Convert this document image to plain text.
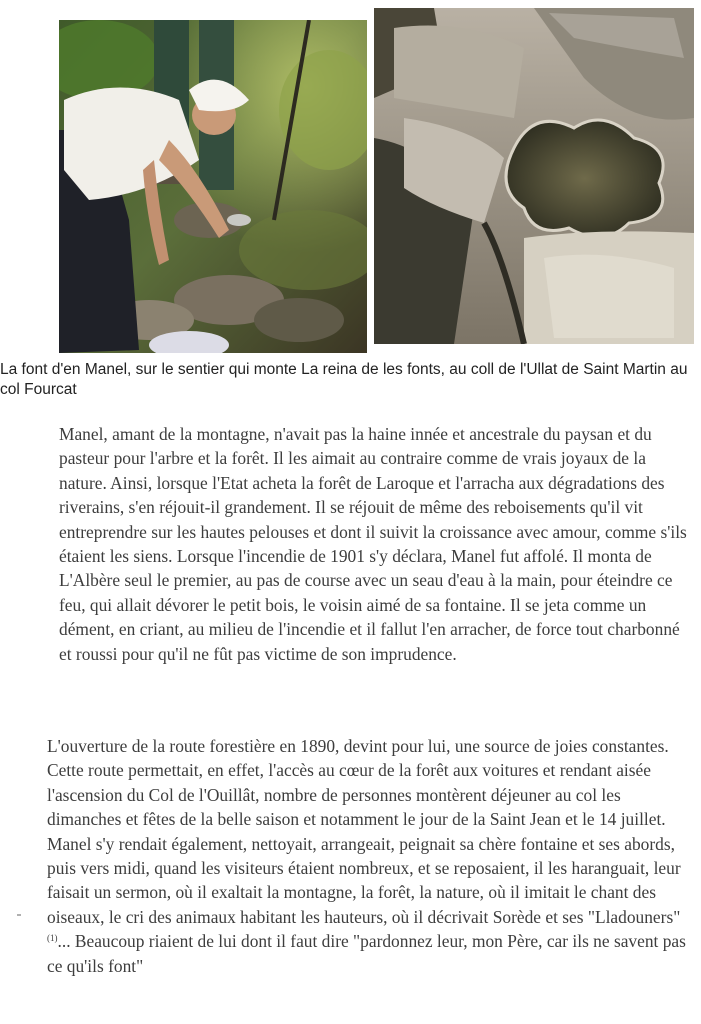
La font d'en Manel, sur le sentier qui monte La reina de les fonts, au coll de l'Ullat de Saint Martin au col Fourcat

Manel, amant de la montagne, n'avait pas la haine innée et ancestrale du paysan et du pasteur pour l'arbre et la forêt. Il les aimait au contraire comme de vrais joyaux de la nature. Ainsi, lorsque l'Etat acheta la forêt de Laroque et l'arracha aux dégradations des riverains, s'en réjouit-il grandement. Il se réjouit de même des reboisements qu'il vit entreprendre sur les hautes pelouses et dont il suivit la croissance avec amour, comme s'ils étaient les siens. Lorsque l'incendie de 1901 s'y déclara, Manel fut affolé. Il monta de L'Albère seul le premier, au pas de course avec un seau d'eau à la main, pour éteindre ce feu, qui allait dévorer le petit bois, le voisin aimé de sa fontaine. Il se jeta comme un dément, en criant, au milieu de l'incendie et il fallut l'en arracher, de force tout charbonné et roussi pour qu'il ne fût pas victime de son imprudence.

L'ouverture de la route forestière en 1890, devint pour lui, une source de joies constantes. Cette route permettait, en effet, l'accès au cœur de la forêt aux voitures et rendant aisée l'ascension du Col de l'Ouillât, nombre de personnes montèrent déjeuner au col les dimanches et fêtes de la belle saison et notamment le jour de la Saint Jean et le 14 juillet. Manel s'y rendait également, nettoyait, arrangeait, peignait sa chère fontaine et ses abords, puis vers midi, quand les visiteurs étaient nombreux, et se reposaient, il les haranguait, leur faisait un sermon, où il exaltait la montagne, la forêt, la nature, où il imitait le chant des oiseaux, le cri des animaux habitant les hauteurs, où il décrivait Sorède et ses "Lladouners" $^{(1)}$... Beaucoup riaient de lui dont il faut dire "pardonnez leur, mon Père, car ils ne savent pas ce qu'ils font"
